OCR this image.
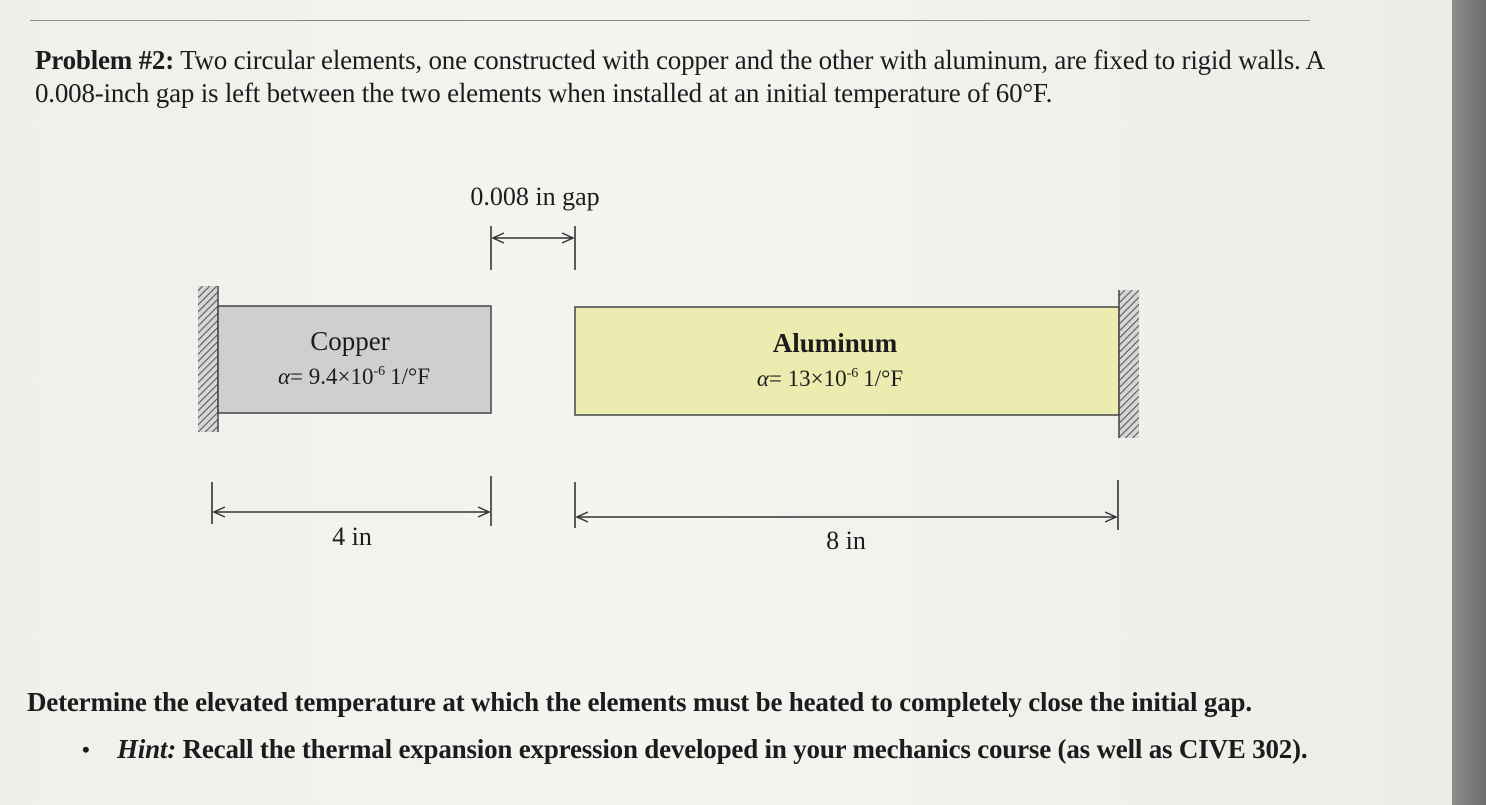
Problem #2: Two circular elements, one constructed with copper and the other with aluminum, are fixed to rigid walls. A 0.008-inch gap is left between the two elements when installed at an initial temperature of 60°F.
0.008 in gap
Copper
$\alpha= 9.4\times 10^{-6}$ 1/°F
Aluminum
$\alpha= 13\times 10^{-6}$ 1/°F
4 in	8 in
Determine the elevated temperature at which the elements must be heated to completely close the initial gap.
• Hint: Recall the thermal expansion expression developed in your mechanics course (as well as CIVE 302).
